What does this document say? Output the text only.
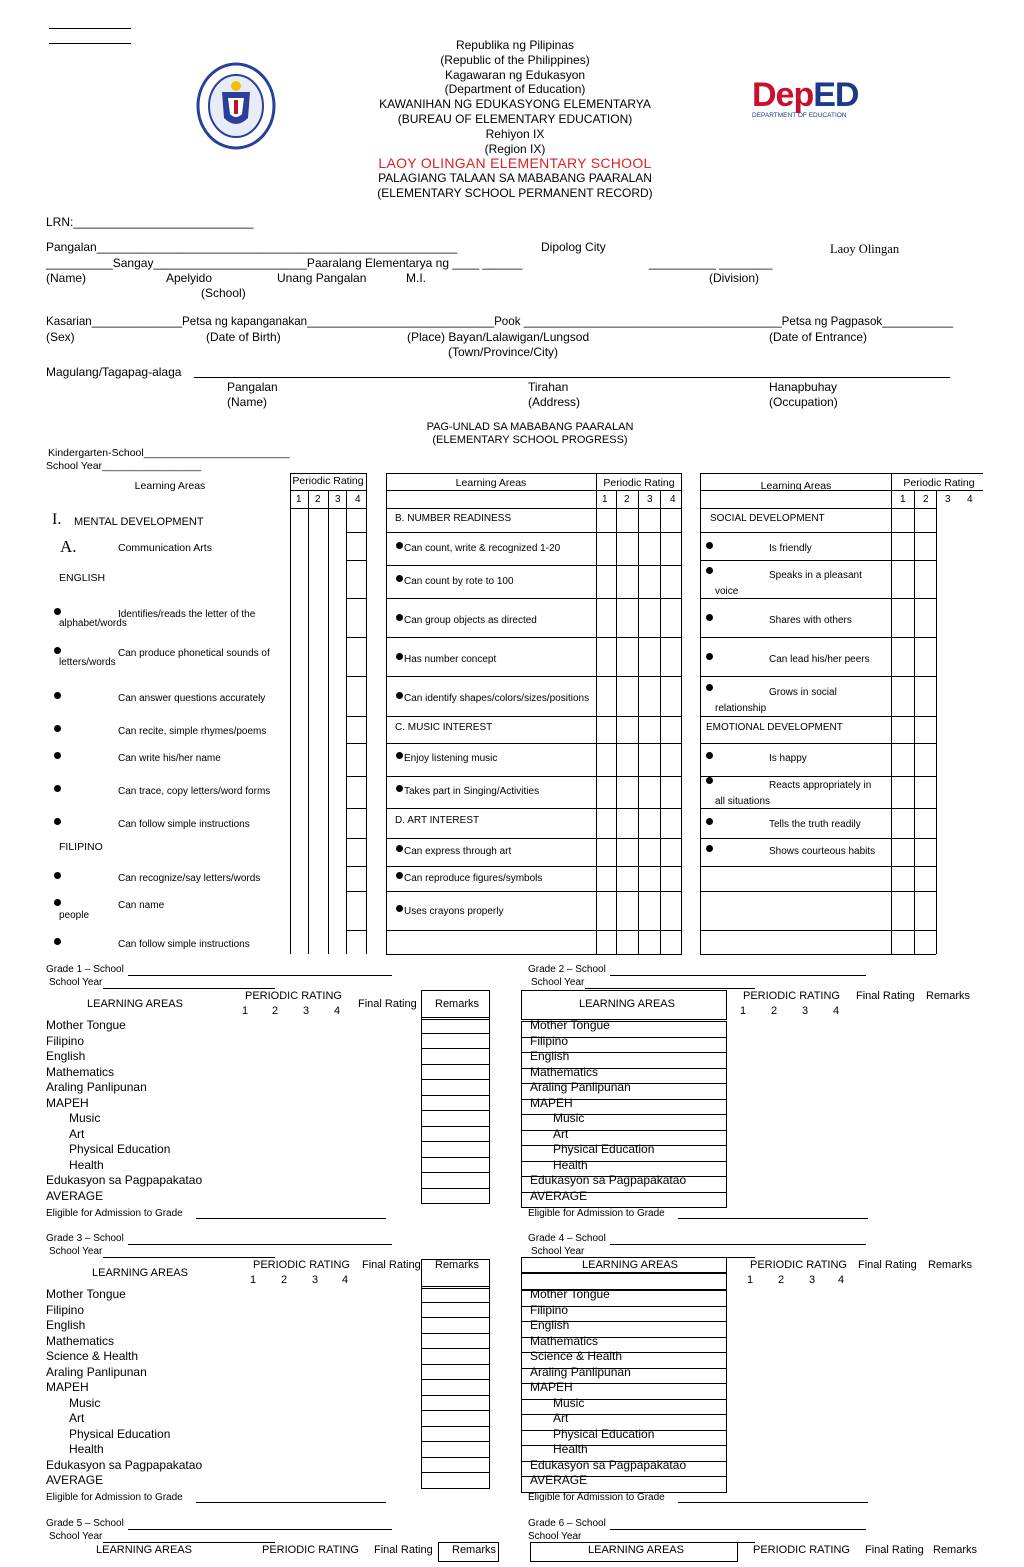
Republika ng Pilipinas
(Republic of the Philippines)
Kagawaran ng Edukasyon
(Department of Education)
KAWANIHAN NG EDUKASYONG ELEMENTARYA
(BUREAU OF ELEMENTARY EDUCATION)
Rehiyon IX
(Region IX)
LAOY OLINGAN ELEMENTARY SCHOOL
PALAGIANG TALAAN SA MABABANG PAARALAN
(ELEMENTARY SCHOOL PERMANENT RECORD)
DepED
DEPARTMENT OF EDUCATION
LRN:___________________________
Pangalan______________________________________________________	Dipolog City	Laoy Olingan
__________Sangay_______________________Paaralang Elementarya ng ____ ______	__________ ________
(Name)	Apelyido	Unang Pangalan	M.I.	(Division)
(School)
Kasarian______________Petsa ng kapanganakan_____________________________Pook ________________________________________Petsa ng Pagpasok___________
(Sex)	(Date of Birth)	(Place) Bayan/Lalawigan/Lungsod	(Date of Entrance)
(Town/Province/City)
Magulang/Tagapag-alaga
Pangalan	Tirahan	Hanapbuhay
(Name)	(Address)	(Occupation)
PAG-UNLAD SA MABABANG PAARALAN
(ELEMENTARY SCHOOL PROGRESS)
Kindergarten-School_________________________
School Year_________________
Learning Areas	Periodic Rating	Learning Areas	Periodic Rating	Learning Areas	Periodic Rating
1 2 3 4	1 2 3 4	1 2 3 4
I. MENTAL DEVELOPMENT
A.	Communication Arts
ENGLISH
FILIPINO
Identifies/reads the letter of the
alphabet/words
Can produce phonetical sounds of
letters/words
Can answer questions accurately
Can recite, simple rhymes/poems
Can write his/her name
Can trace, copy letters/word forms
Can follow simple instructions
Can recognize/say letters/words
Can name
people
Can follow simple instructions
B. NUMBER READINESS
Can count, write & recognized 1-20
Can count by rote to 100
Can group objects as directed
Has number concept
Can identify shapes/colors/sizes/positions
C. MUSIC INTEREST
Enjoy listening music
Takes part in Singing/Activities
D. ART INTEREST
Can express through art
Can reproduce figures/symbols
Uses crayons properly
SOCIAL DEVELOPMENT
Is friendly
Speaks in a pleasant
voice
Shares with others
Can lead his/her peers
Grows in social
relationship
EMOTIONAL DEVELOPMENT
Is happy
Reacts appropriately in
all situations
Tells the truth readily
Shows courteous habits
Grade 1 – School
School Year
LEARNING AREAS
PERIODIC RATING
1 2 3 4
Final Rating Remarks
Mother Tongue
Filipino
English
Mathematics
Araling Panlipunan
MAPEH
Music
Art
Physical Education
Health
Edukasyon sa Pagpapakatao
AVERAGE
Grade 2 – School
School Year
LEARNING AREAS
PERIODIC RATING
1 2 3 4
Final Rating Remarks
Mother Tongue
Filipino
English
Mathematics
Araling Panlipunan
MAPEH
Music
Art
Physical Education
Health
Edukasyon sa Pagpapakatao
AVERAGE
Eligible for Admission to Grade	Eligible for Admission to Grade
Grade 3 – School
School Year
LEARNING AREAS
PERIODIC RATING
1 2 3 4
Final Rating Remarks
Mother Tongue
Filipino
English
Mathematics
Science & Health
Araling Panlipunan
MAPEH
Music
Art
Physical Education
Health
Edukasyon sa Pagpapakatao
AVERAGE
Grade 4 – School
School Year
LEARNING AREAS	PERIODIC RATING
1 2 3 4
Final Rating Remarks
Mother Tongue
Filipino
English
Mathematics
Science & Health
Araling Panlipunan
MAPEH
Music
Art
Physical Education
Health
Edukasyon sa Pagpapakatao
AVERAGE
Eligible for Admission to Grade	Eligible for Admission to Grade
Grade 5 – School
School Year
LEARNING AREAS	PERIODIC RATING Final Rating Remarks
Grade 6 – School
School Year
LEARNING AREAS	PERIODIC RATING Final Rating Remarks
